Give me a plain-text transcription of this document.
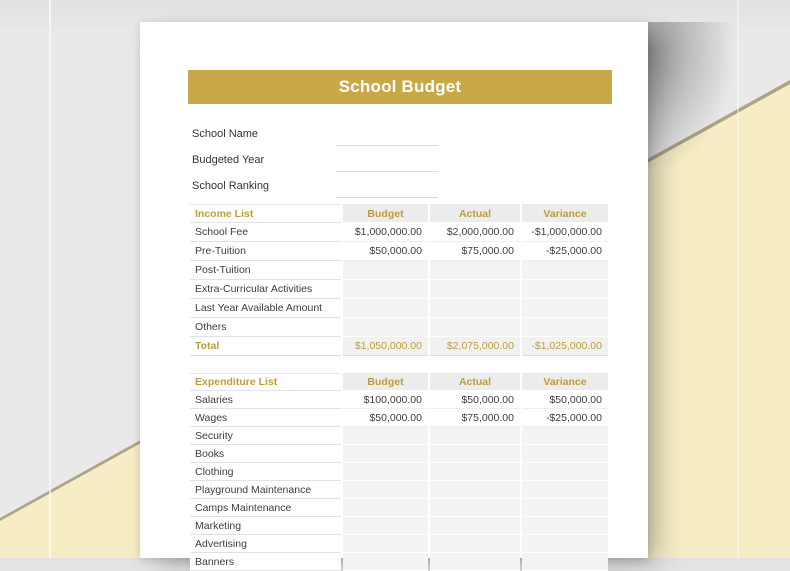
School Budget
School Name
Budgeted Year
School Ranking
Income List	Budget	Actual	Variance
School Fee	$1,000,000.00	$2,000,000.00	-$1,000,000.00
Pre-Tuition	$50,000.00	$75,000.00	-$25,000.00
Post-Tuition			
Extra-Curricular Activities			
Last Year Available Amount			
Others			
Total	$1,050,000.00	$2,075,000.00	-$1,025,000.00
Expenditure List	Budget	Actual	Variance
Salaries	$100,000.00	$50,000.00	$50,000.00
Wages	$50,000.00	$75,000.00	-$25,000.00
Security			
Books			
Clothing			
Playground Maintenance			
Camps Maintenance			
Marketing			
Advertising			
Banners			
